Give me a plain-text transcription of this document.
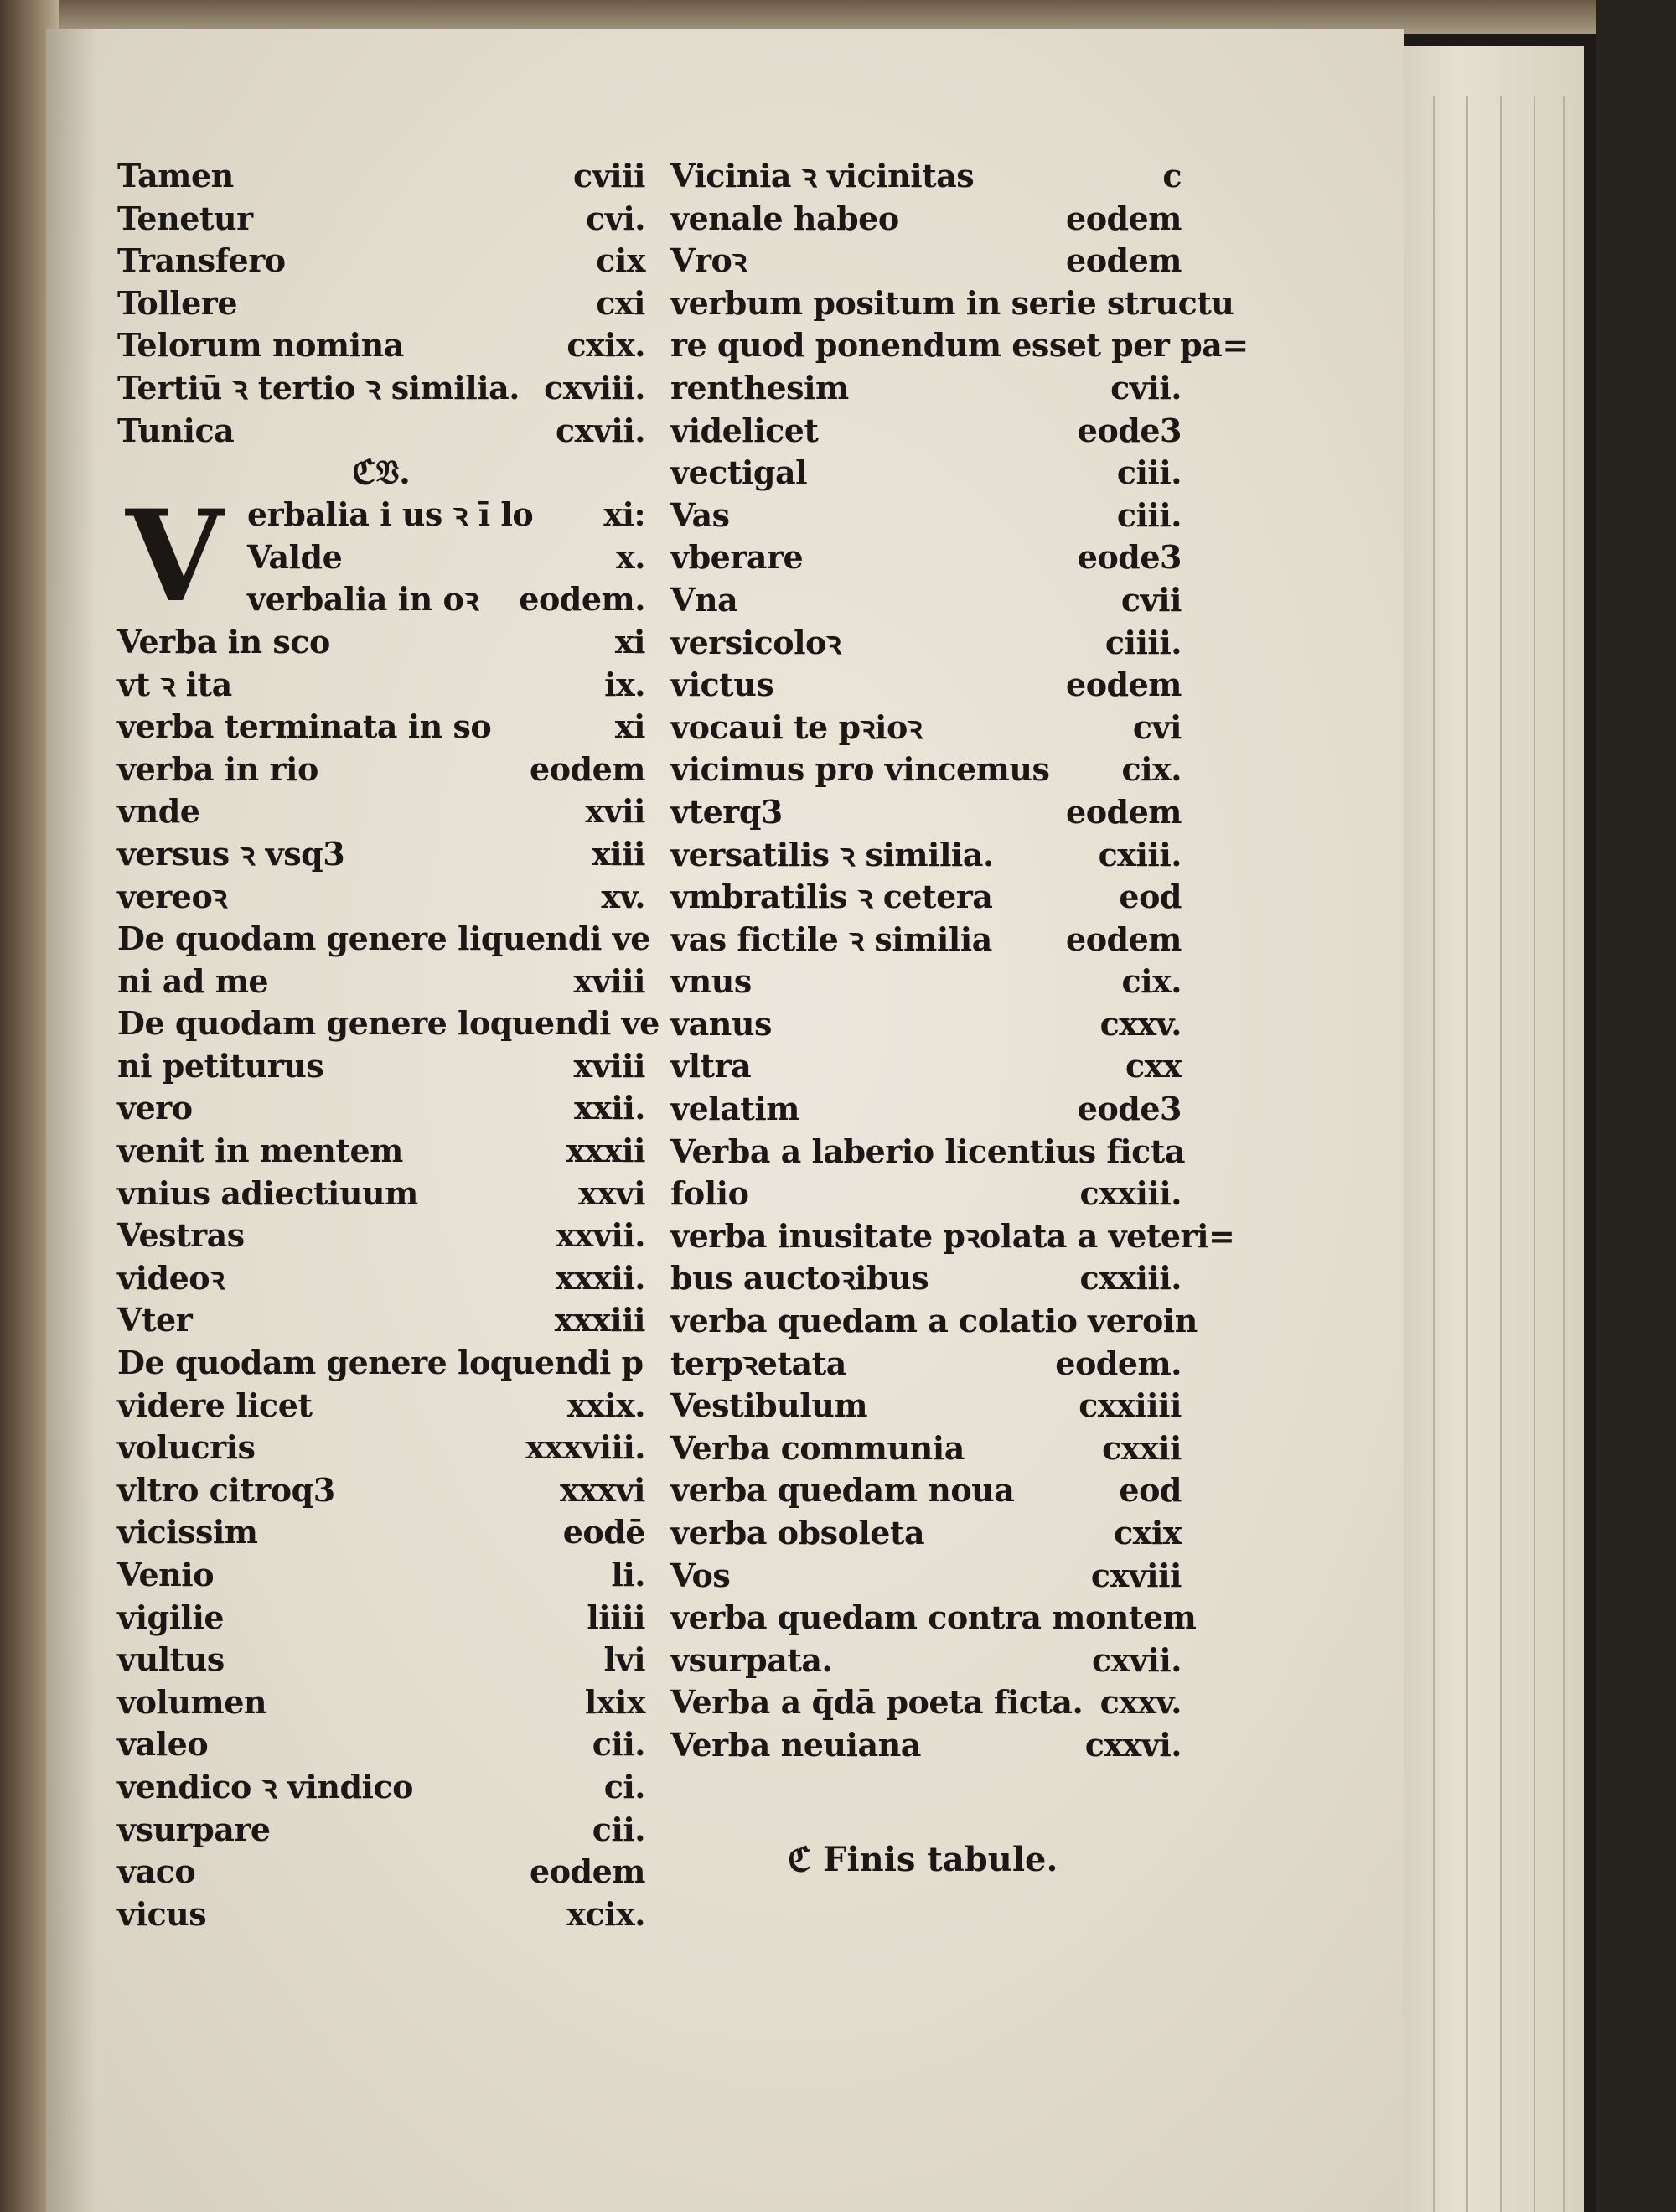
Tamen	cviii
Tenetur	cvi.
Transfero	cix
Tollere	cxi
Telorum nomina	cxix.
Tertiū ꝛ tertio ꝛ similia. cxviii.
Tunica	cxvii.
ℭ𝔙.
V erbalia i us ꝛ ī lo xi:
Valde	x.
verbalia in oꝛ eodem.
Verba in sco	xi
vt ꝛ ita	ix.
verba terminata in so	xi
verba in rio	eodem
vnde	xvii
versus ꝛ vsq3	xiii
vereoꝛ	xv.
De quodam genere liquendi ve
ni ad me	xviii
De quodam genere loquendi ve
ni petiturus	xviii
vero	xxii.
venit in mentem	xxxii
vnius adiectiuum	xxvi
Vestras	xxvii.
videoꝛ	xxxii.
Vter	xxxiii
De quodam genere loquendi p
videre licet	xxix.
volucris	xxxviii.
vltro citroq3	xxxvi
vicissim	eodē
Venio	li.
vigilie	liiii
vultus	lvi
volumen	lxix
valeo	cii.
vendico ꝛ vindico	ci.
vsurpare	cii.
vaco	eodem
vicus	xcix.
Vicinia ꝛ vicinitas	c
venale habeo	eodem
Vroꝛ	eodem
verbum positum in serie structu
re quod ponendum esset per pa=
renthesim	cvii.
videlicet	eode3
vectigal	ciii.
Vas	ciii.
vberare	eode3
Vna	cvii
versicoloꝛ	ciiii.
victus	eodem
vocaui te pꝛioꝛ	cvi
vicimus pro vincemus cix.
vterq3	eodem
versatilis ꝛ similia.	cxiii.
vmbratilis ꝛ cetera	eod
vas fictile ꝛ similia eodem
vnus	cix.
vanus	cxxv.
vltra	cxx
velatim	eode3
Verba a laberio licentius ficta
folio	cxxiii.
verba inusitate pꝛolata a veteri=
bus auctoꝛibus	cxxiii.
verba quedam a colatio veroin
terpꝛetata	eodem.
Vestibulum	cxxiiii
Verba communia	cxxii
verba quedam noua	eod
verba obsoleta	cxix
Vos	cxviii
verba quedam contra montem
vsurpata.	cxvii.
Verba a q̄dā poeta ficta. cxxv.
Verba neuiana	cxxvi.
ℭ Finis tabule.
